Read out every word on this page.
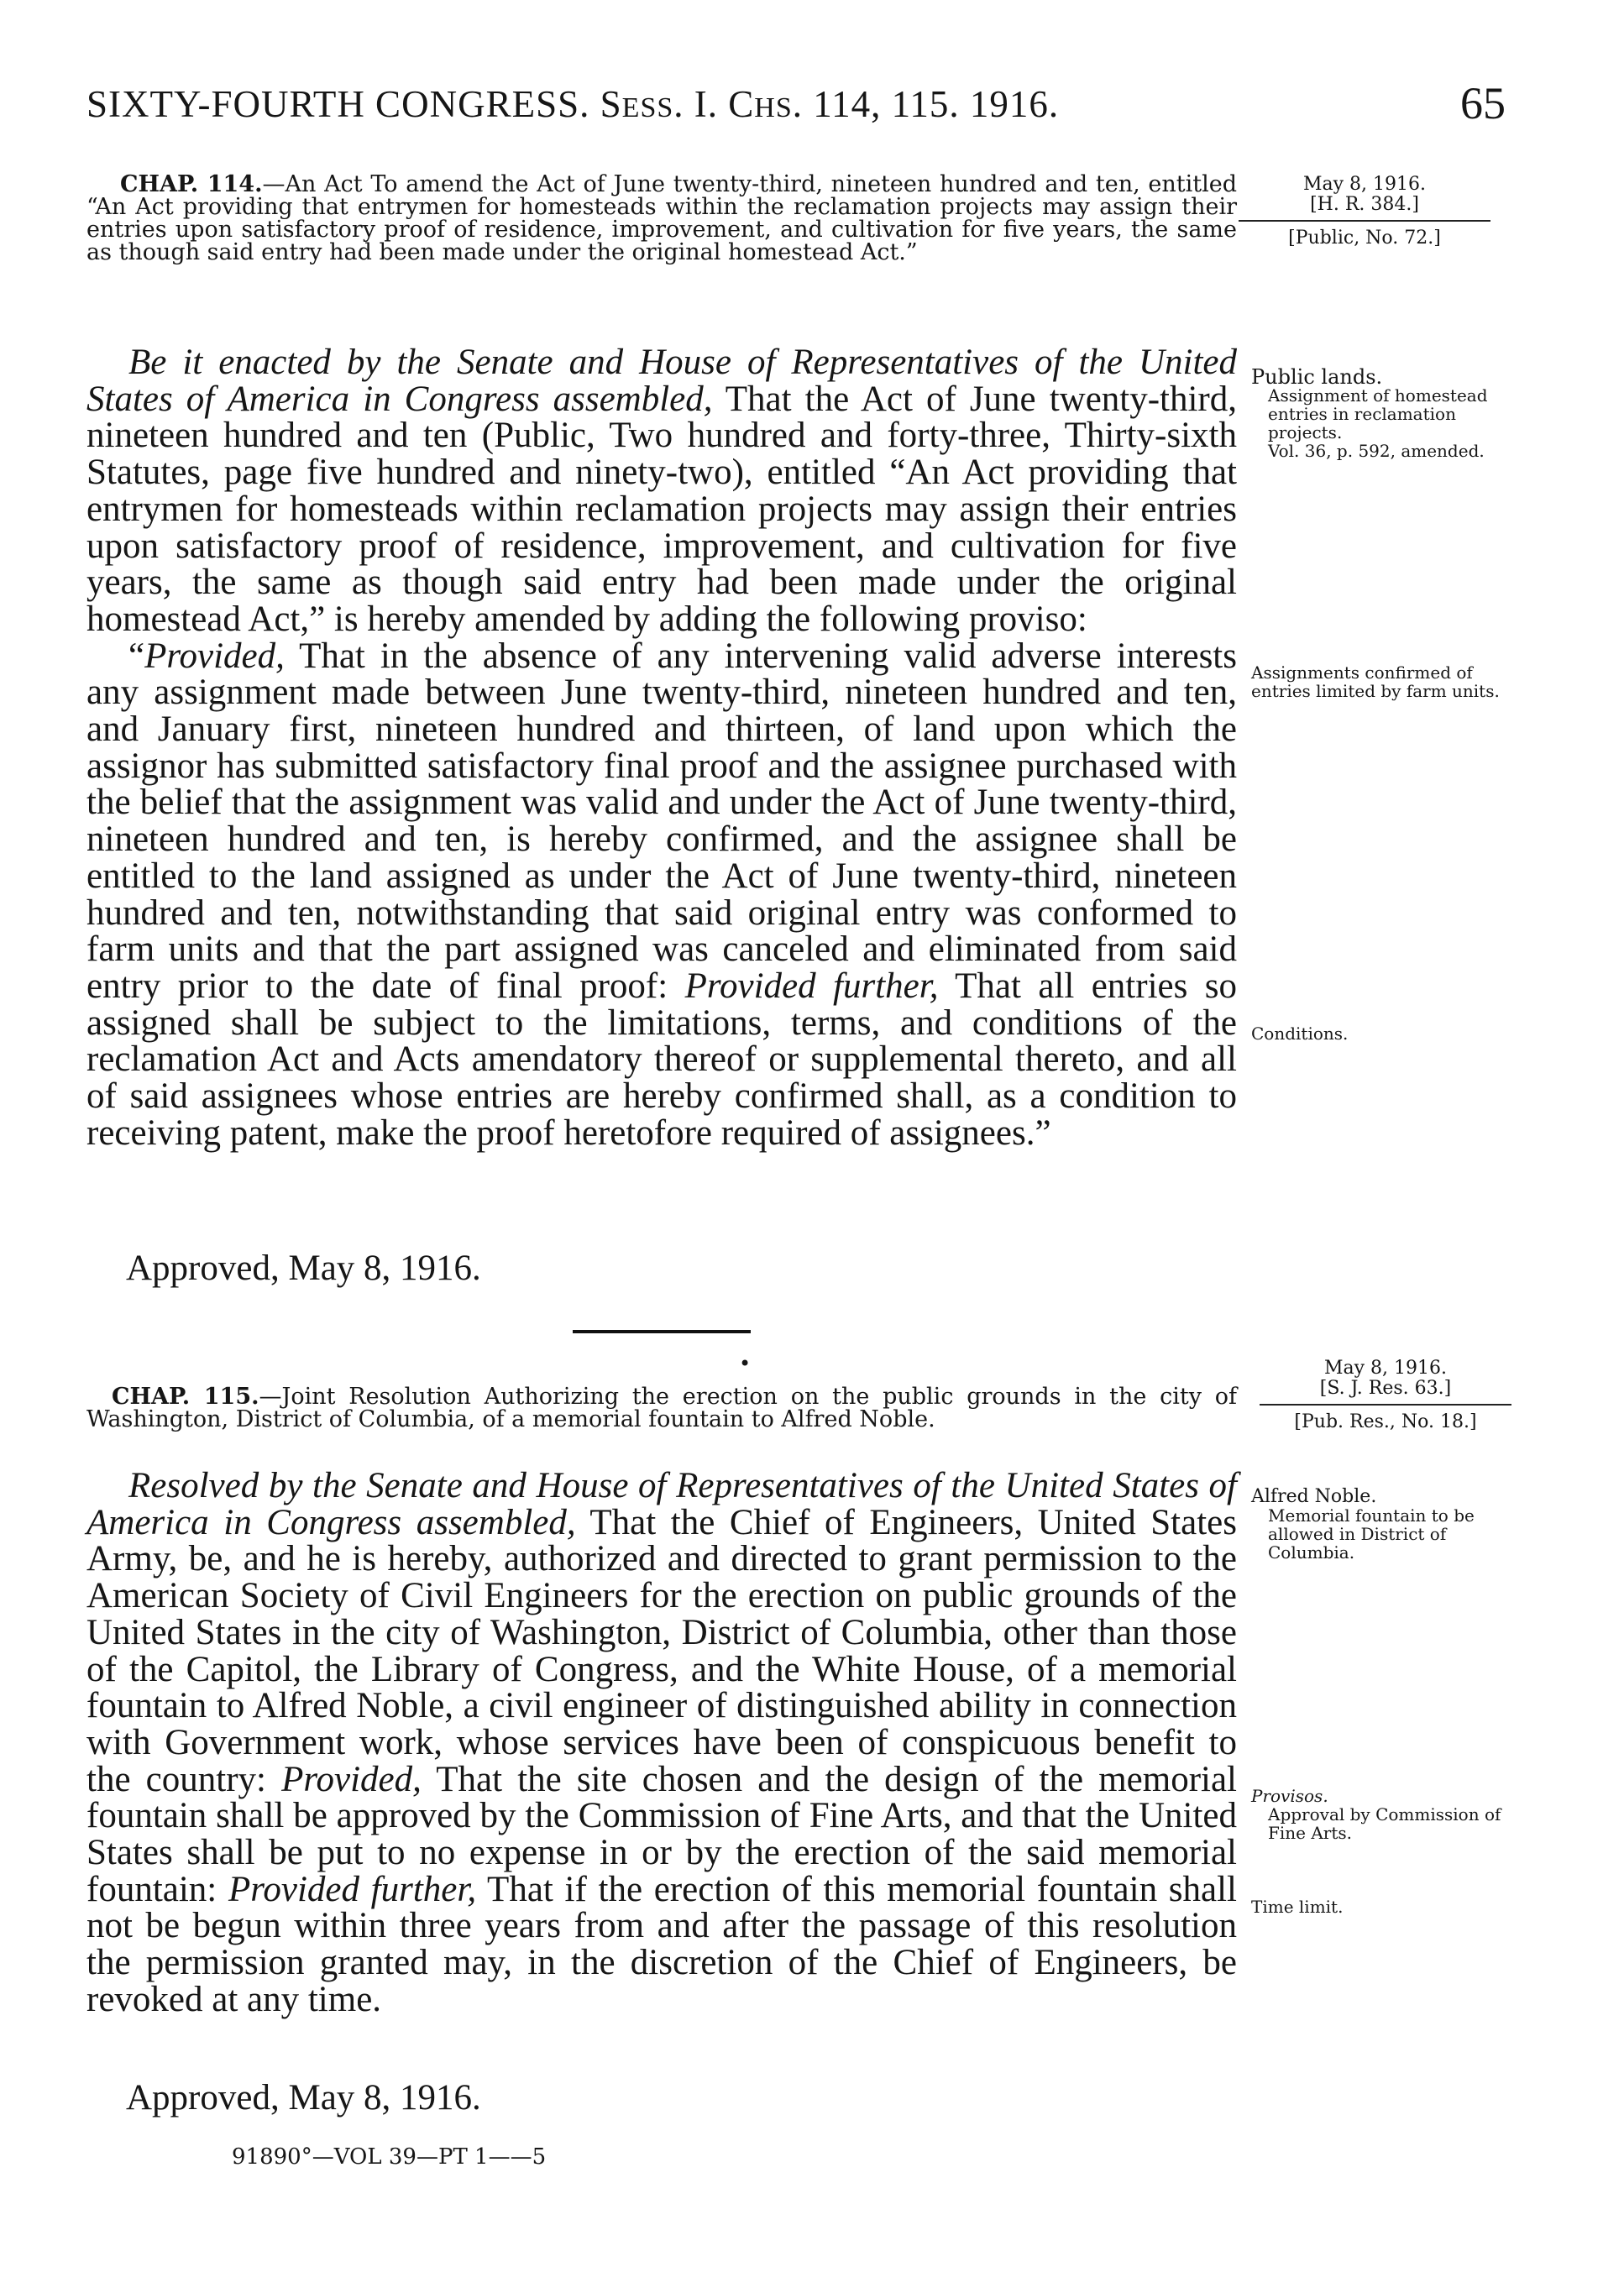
SIXTY-FOURTH CONGRESS. SESS. I. CHS. 114, 115. 1916.	65
CHAP. 114.—An Act To amend the Act of June twenty-third, nineteen hundred and ten, entitled “An Act providing that entrymen for homesteads within the reclamation projects may assign their entries upon satisfactory proof of residence, improvement, and cultivation for five years, the same as though said entry had been made under the original homestead Act.”
May 8, 1916.
[H. R. 384.]
[Public, No. 72.]

Be it enacted by the Senate and House of Representatives of the United States of America in Congress assembled, That the Act of June twenty-third, nineteen hundred and ten (Public, Two hundred and forty-three, Thirty-sixth Statutes, page five hundred and ninety-two), entitled “An Act providing that entrymen for homesteads within reclamation projects may assign their entries upon satisfactory proof of residence, improvement, and cultivation for five years, the same as though said entry had been made under the original homestead Act,” is hereby amended by adding the following proviso:

“Provided, That in the absence of any intervening valid adverse interests any assignment made between June twenty-third, nineteen hundred and ten, and January first, nineteen hundred and thirteen, of land upon which the assignor has submitted satisfactory final proof and the assignee purchased with the belief that the assignment was valid and under the Act of June twenty-third, nineteen hundred and ten, is hereby confirmed, and the assignee shall be entitled to the land assigned as under the Act of June twenty-third, nineteen hundred and ten, notwithstanding that said original entry was conformed to farm units and that the part assigned was canceled and eliminated from said entry prior to the date of final proof: Provided further, That all entries so assigned shall be subject to the limitations, terms, and conditions of the reclamation Act and Acts amendatory thereof or supplemental thereto, and all of said assignees whose entries are hereby confirmed shall, as a condition to receiving patent, make the proof heretofore required of assignees.”

Approved, May 8, 1916.
Public lands.
Assignment of homestead entries in reclamation projects.
Vol. 36, p. 592, amended.
Assignments confirmed of entries limited by farm units.
Conditions.
•
CHAP. 115.—Joint Resolution Authorizing the erection on the public grounds in the city of Washington, District of Columbia, of a memorial fountain to Alfred Noble.
May 8, 1916.
[S. J. Res. 63.]
[Pub. Res., No. 18.]

Resolved by the Senate and House of Representatives of the United States of America in Congress assembled, That the Chief of Engineers, United States Army, be, and he is hereby, authorized and directed to grant permission to the American Society of Civil Engineers for the erection on public grounds of the United States in the city of Washington, District of Columbia, other than those of the Capitol, the Library of Congress, and the White House, of a memorial fountain to Alfred Noble, a civil engineer of distinguished ability in connection with Government work, whose services have been of conspicuous benefit to the country: Provided, That the site chosen and the design of the memorial fountain shall be approved by the Commission of Fine Arts, and that the United States shall be put to no expense in or by the erection of the said memorial fountain: Provided further, That if the erection of this memorial fountain shall not be begun within three years from and after the passage of this resolution the permission granted may, in the discretion of the Chief of Engineers, be revoked at any time.

Approved, May 8, 1916.
Alfred Noble.
Memorial fountain to be allowed in District of Columbia.
Provisos.
Approval by Commission of Fine Arts.
Time limit.
91890°—VOL 39—PT 1——5
